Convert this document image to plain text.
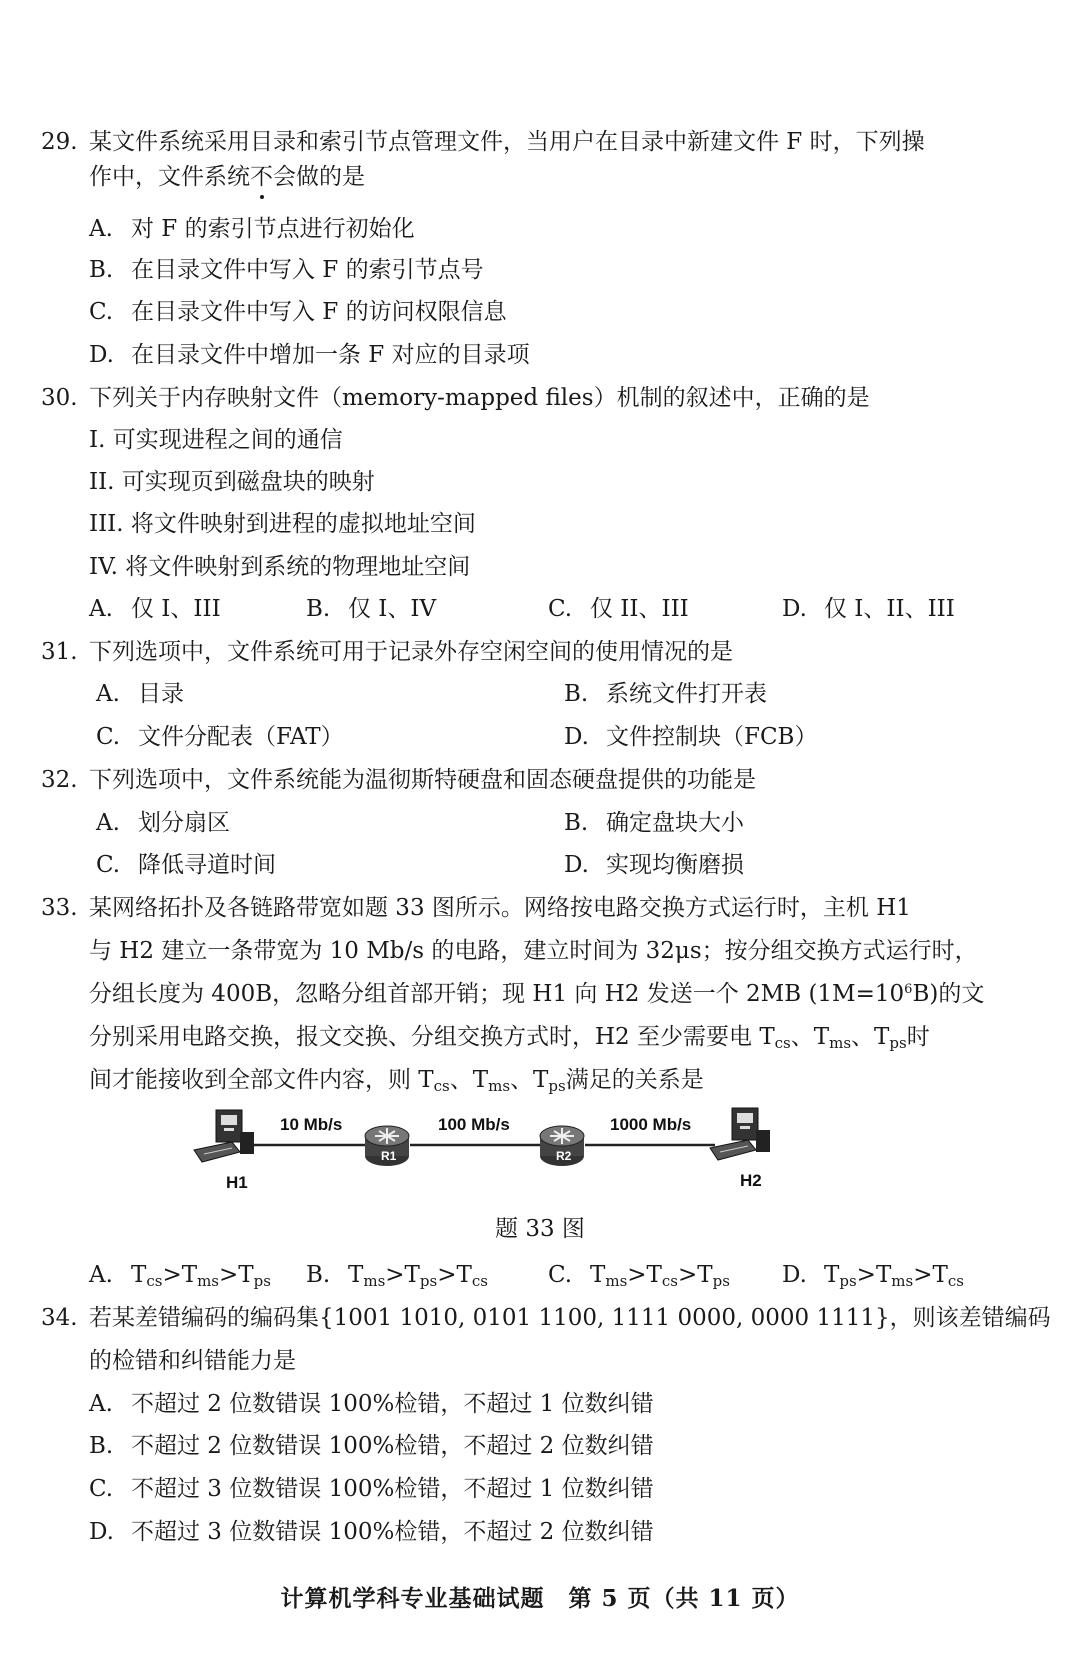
29. 某文件系统采用目录和索引节点管理文件，当用户在目录中新建文件 F 时，下列操
作中，文件系统不会做的是
A. 对 F 的索引节点进行初始化
B. 在目录文件中写入 F 的索引节点号
C. 在目录文件中写入 F 的访问权限信息
D. 在目录文件中增加一条 F 对应的目录项
30. 下列关于内存映射文件（memory-mapped files）机制的叙述中，正确的是
I. 可实现进程之间的通信
II. 可实现页到磁盘块的映射
III. 将文件映射到进程的虚拟地址空间
IV. 将文件映射到系统的物理地址空间
A. 仅 I、III	B. 仅 I、IV	C. 仅 II、III	D. 仅 I、II、III
31. 下列选项中，文件系统可用于记录外存空闲空间的使用情况的是
A. 目录	B. 系统文件打开表
C. 文件分配表（FAT）	D. 文件控制块（FCB）
32. 下列选项中，文件系统能为温彻斯特硬盘和固态硬盘提供的功能是
A. 划分扇区	B. 确定盘块大小
C. 降低寻道时间	D. 实现均衡磨损
33. 某网络拓扑及各链路带宽如题 33 图所示。网络按电路交换方式运行时，主机 H1
与 H2 建立一条带宽为 10 Mb/s 的电路，建立时间为 32μs；按分组交换方式运行时，
分组长度为 400B，忽略分组首部开销；现 H1 向 H2 发送一个 2MB $(1M=10^6B)$的文
分别采用电路交换，报文交换、分组交换方式时，H2 至少需要电 $T_{cs}$、$T_{ms}$、$T_{ps}$时
间才能接收到全部文件内容，则 $T_{cs}$、$T_{ms}$、$T_{ps}$满足的关系是
10 Mb/s	100 Mb/s	1000 Mb/s
R1	R2
H1	H2
题 33 图
A. $T_{cs}>T_{ms}>T_{ps}$ B. $T_{ms}>T_{ps}>T_{cs}$	C. $T_{ms}>T_{cs}>T_{ps}$ D. $T_{ps}>T_{ms}>T_{cs}$
34. 若某差错编码的编码集{1001 1010, 0101 1100, 1111 0000, 0000 1111}，则该差错编码
的检错和纠错能力是
A. 不超过 2 位数错误 100%检错，不超过 1 位数纠错
B. 不超过 2 位数错误 100%检错，不超过 2 位数纠错
C. 不超过 3 位数错误 100%检错，不超过 1 位数纠错
D. 不超过 3 位数错误 100%检错，不超过 2 位数纠错
计算机学科专业基础试题　第 5 页（共 11 页）
